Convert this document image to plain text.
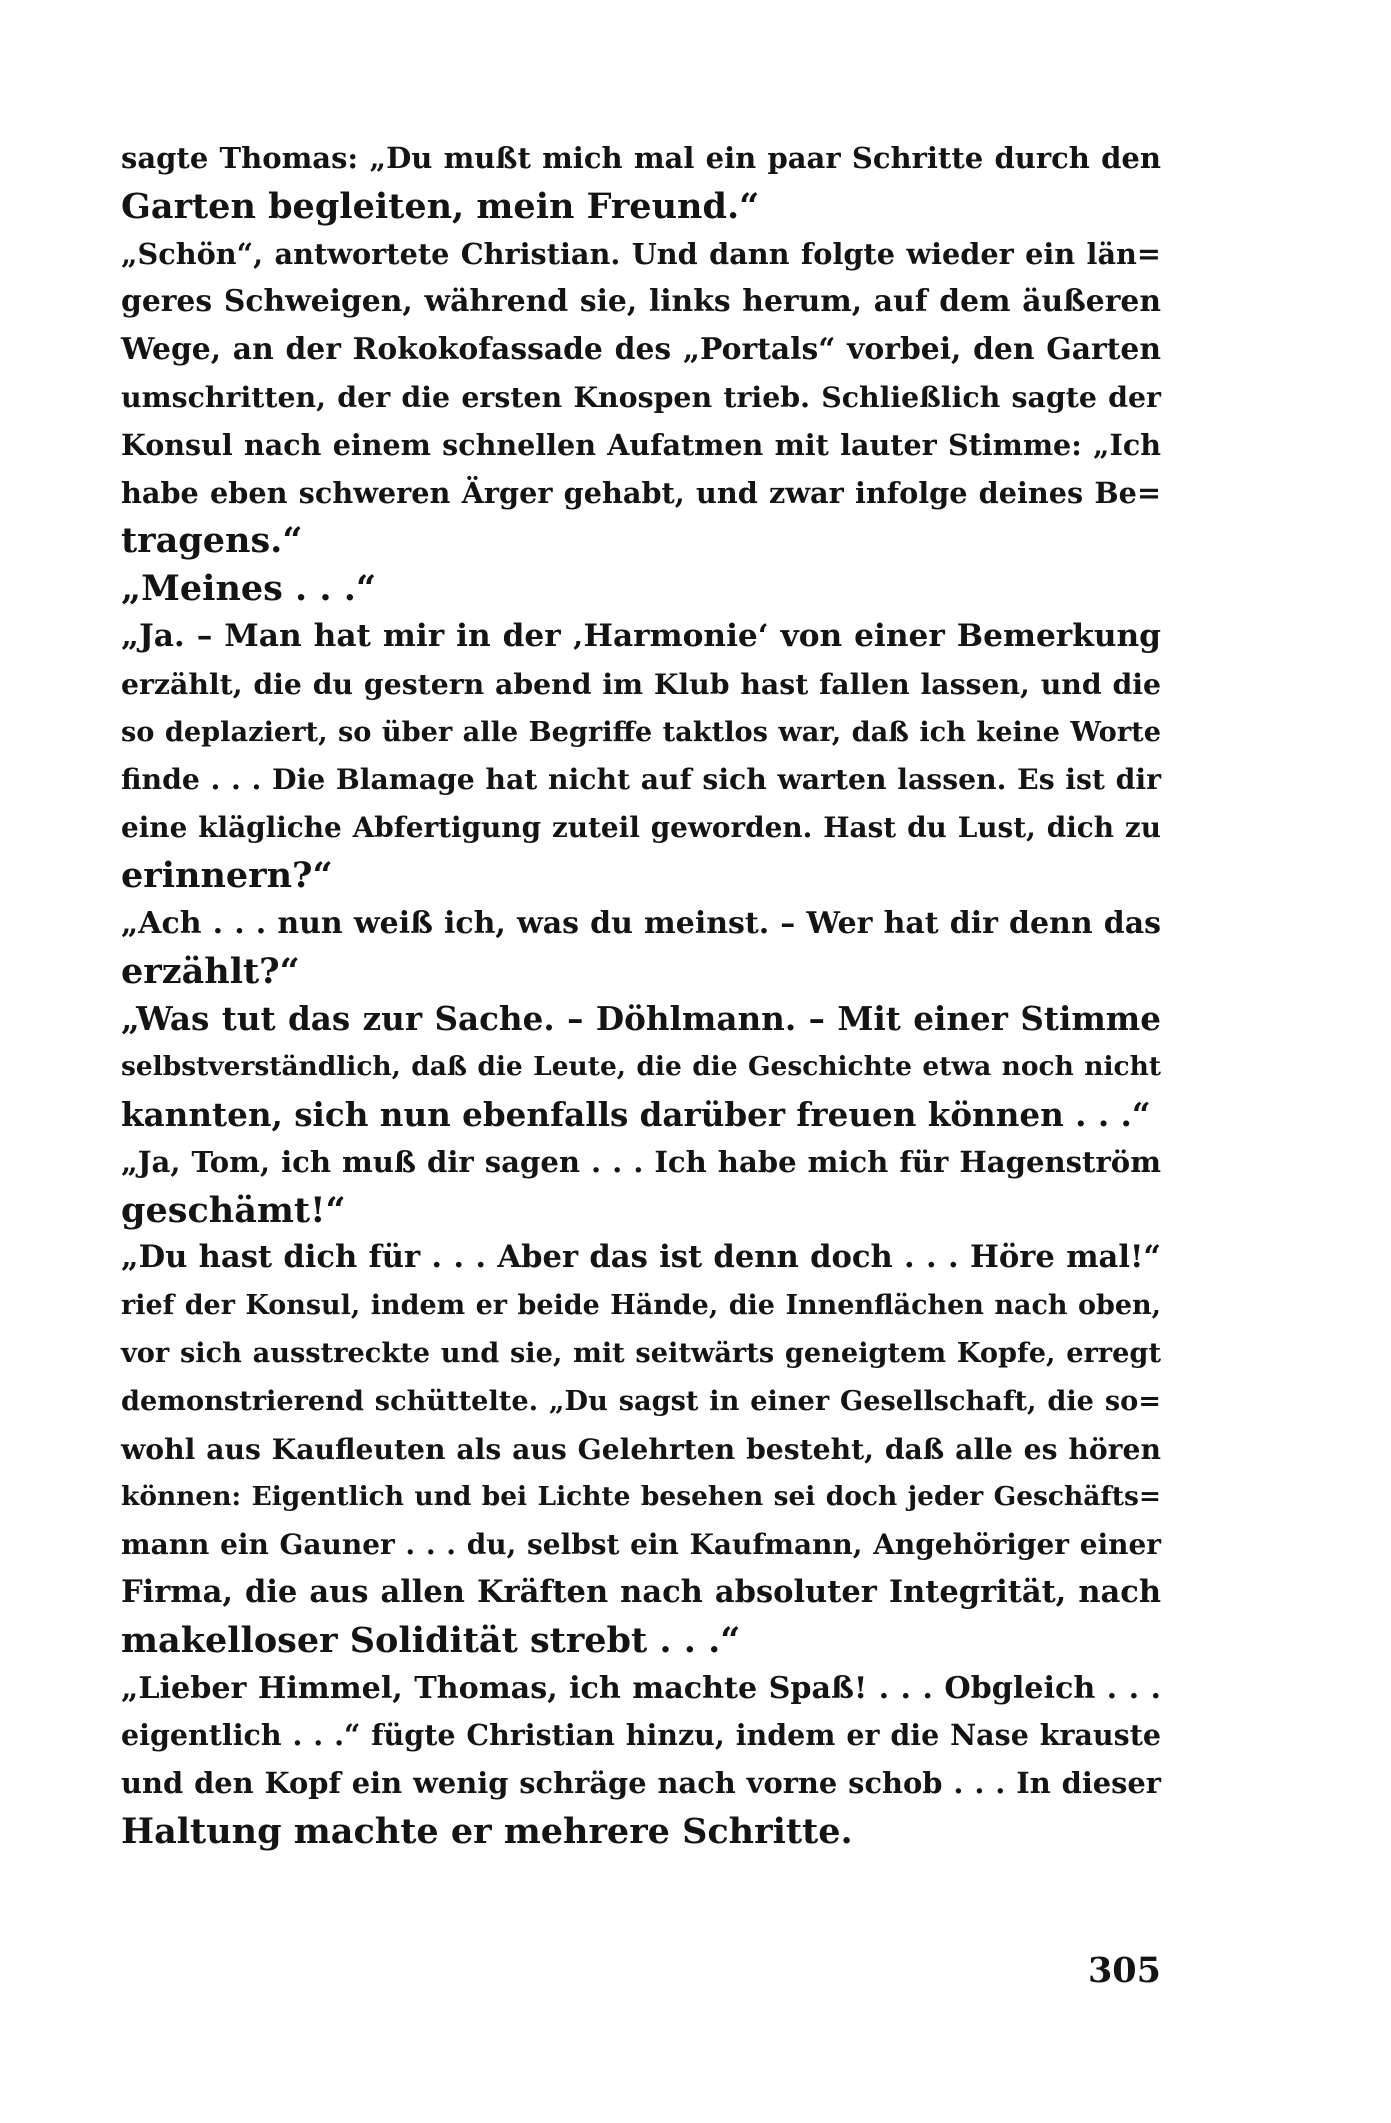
sagte Thomas: „Du mußt mich mal ein paar Schritte durch den
Garten begleiten, mein Freund.“
„Schön“, antwortete Christian. Und dann folgte wieder ein län=
geres Schweigen, während sie, links herum, auf dem äußeren
Wege, an der Rokokofassade des „Portals“ vorbei, den Garten
umschritten, der die ersten Knospen trieb. Schließlich sagte der
Konsul nach einem schnellen Aufatmen mit lauter Stimme: „Ich
habe eben schweren Ärger gehabt, und zwar infolge deines Be=
tragens.“
„Meines . . .“
„Ja. – Man hat mir in der ‚Harmonie‘ von einer Bemerkung
erzählt, die du gestern abend im Klub hast fallen lassen, und die
so deplaziert, so über alle Begriffe taktlos war, daß ich keine Worte
finde . . . Die Blamage hat nicht auf sich warten lassen. Es ist dir
eine klägliche Abfertigung zuteil geworden. Hast du Lust, dich zu
erinnern?“
„Ach . . . nun weiß ich, was du meinst. – Wer hat dir denn das
erzählt?“
„Was tut das zur Sache. – Döhlmann. – Mit einer Stimme
selbstverständlich, daß die Leute, die die Geschichte etwa noch nicht
kannten, sich nun ebenfalls darüber freuen können . . .“
„Ja, Tom, ich muß dir sagen . . . Ich habe mich für Hagenström
geschämt!“
„Du hast dich für . . . Aber das ist denn doch . . . Höre mal!“
rief der Konsul, indem er beide Hände, die Innenflächen nach oben,
vor sich ausstreckte und sie, mit seitwärts geneigtem Kopfe, erregt
demonstrierend schüttelte. „Du sagst in einer Gesellschaft, die so=
wohl aus Kaufleuten als aus Gelehrten besteht, daß alle es hören
können: Eigentlich und bei Lichte besehen sei doch jeder Geschäfts=
mann ein Gauner . . . du, selbst ein Kaufmann, Angehöriger einer
Firma, die aus allen Kräften nach absoluter Integrität, nach
makelloser Solidität strebt . . .“
„Lieber Himmel, Thomas, ich machte Spaß! . . . Obgleich . . .
eigentlich . . .“ fügte Christian hinzu, indem er die Nase krauste
und den Kopf ein wenig schräge nach vorne schob . . . In dieser
Haltung machte er mehrere Schritte.
305
